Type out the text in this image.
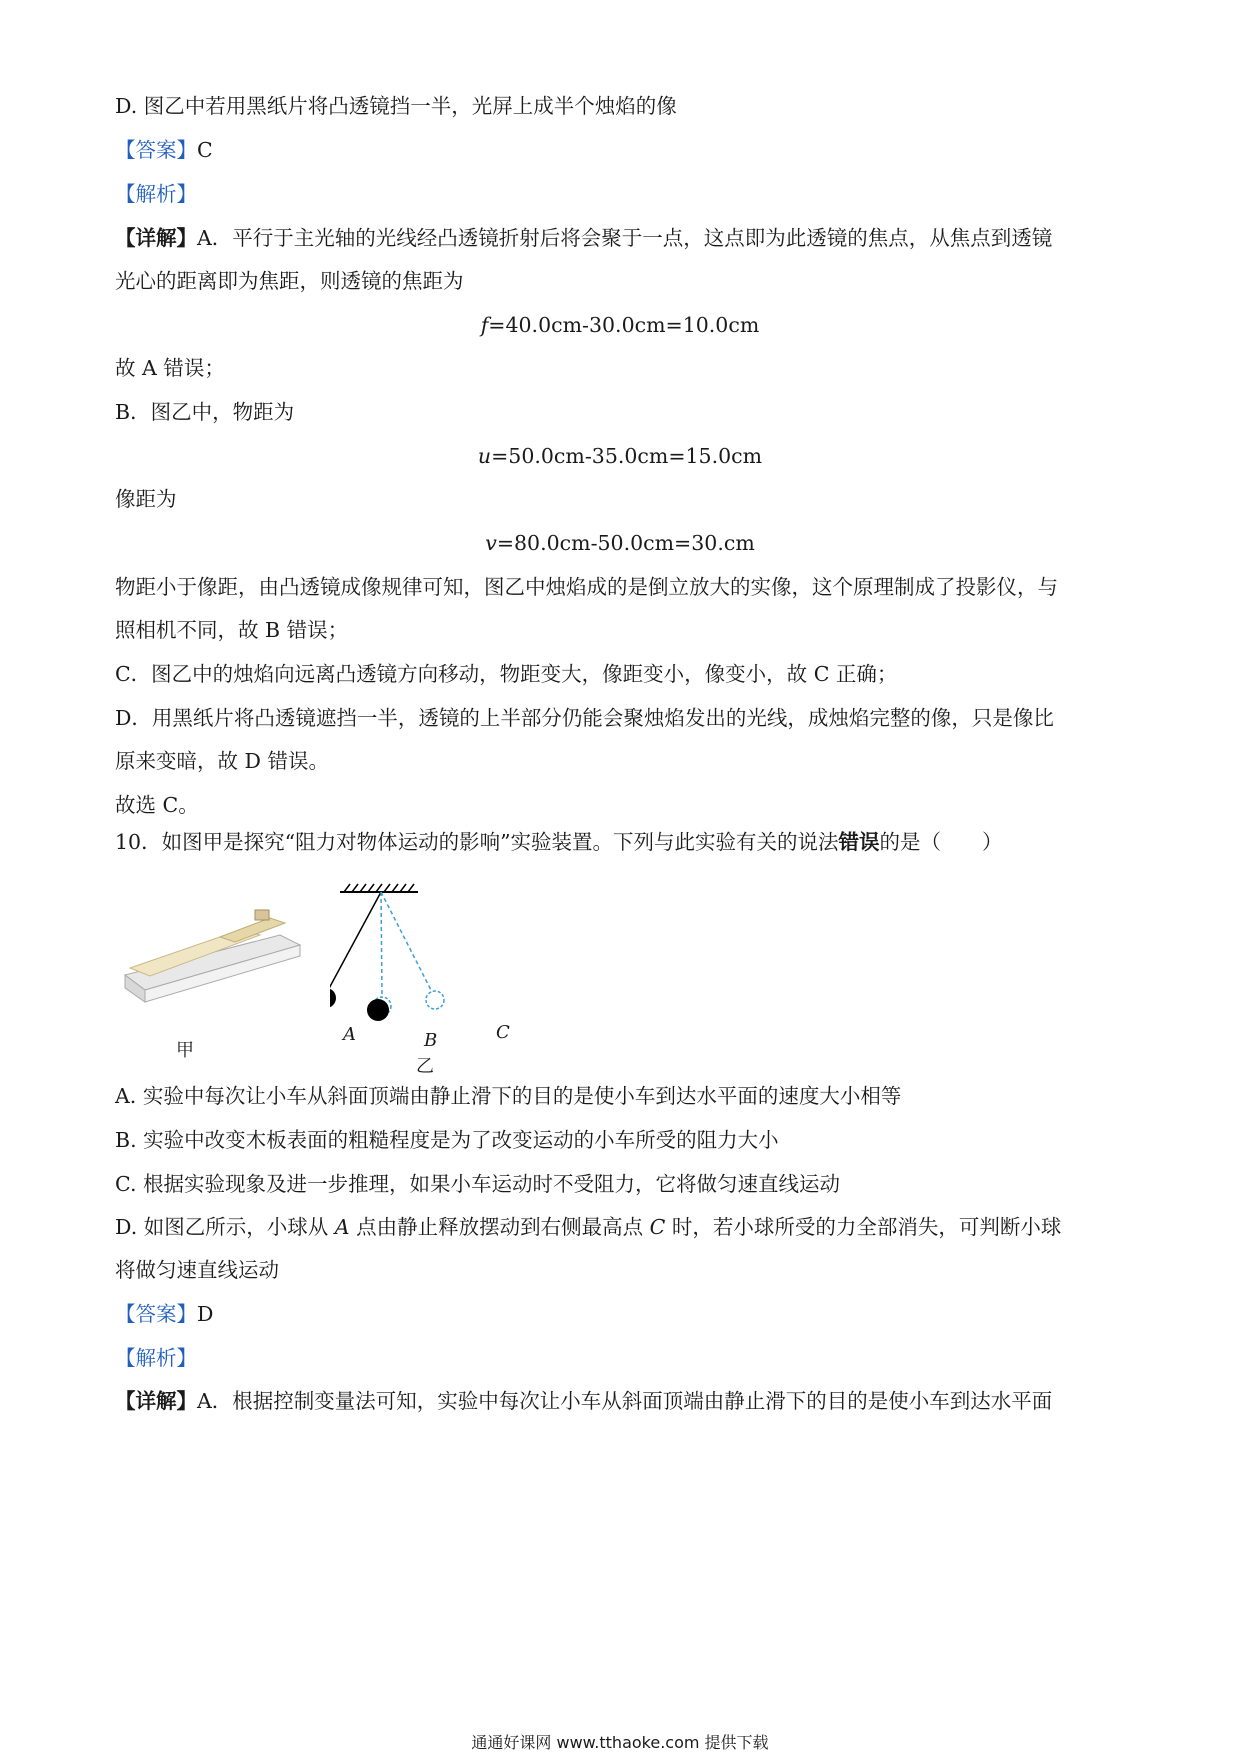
D. 图乙中若用黑纸片将凸透镜挡一半，光屏上成半个烛焰的像
【答案】C
【解析】
【详解】A．平行于主光轴的光线经凸透镜折射后将会聚于一点，这点即为此透镜的焦点，从焦点到透镜
光心的距离即为焦距，则透镜的焦距为
f=40.0cm-30.0cm=10.0cm
故 A 错误；
B．图乙中，物距为
u=50.0cm-35.0cm=15.0cm
像距为
v=80.0cm-50.0cm=30.cm
物距小于像距，由凸透镜成像规律可知，图乙中烛焰成的是倒立放大的实像，这个原理制成了投影仪，与
照相机不同，故 B 错误；
C．图乙中的烛焰向远离凸透镜方向移动，物距变大，像距变小，像变小，故 C 正确；
D．用黑纸片将凸透镜遮挡一半，透镜的上半部分仍能会聚烛焰发出的光线，成烛焰完整的像，只是像比
原来变暗，故 D 错误。
故选 C。
10．如图甲是探究“阻力对物体运动的影响”实验装置。下列与此实验有关的说法错误的是（　　）
甲
A	B	C
乙
A. 实验中每次让小车从斜面顶端由静止滑下的目的是使小车到达水平面的速度大小相等
B. 实验中改变木板表面的粗糙程度是为了改变运动的小车所受的阻力大小
C. 根据实验现象及进一步推理，如果小车运动时不受阻力，它将做匀速直线运动
D. 如图乙所示，小球从 A 点由静止释放摆动到右侧最高点 C 时，若小球所受的力全部消失，可判断小球
将做匀速直线运动
【答案】D
【解析】
【详解】A．根据控制变量法可知，实验中每次让小车从斜面顶端由静止滑下的目的是使小车到达水平面
通通好课网 www.tthaoke.com 提供下载
